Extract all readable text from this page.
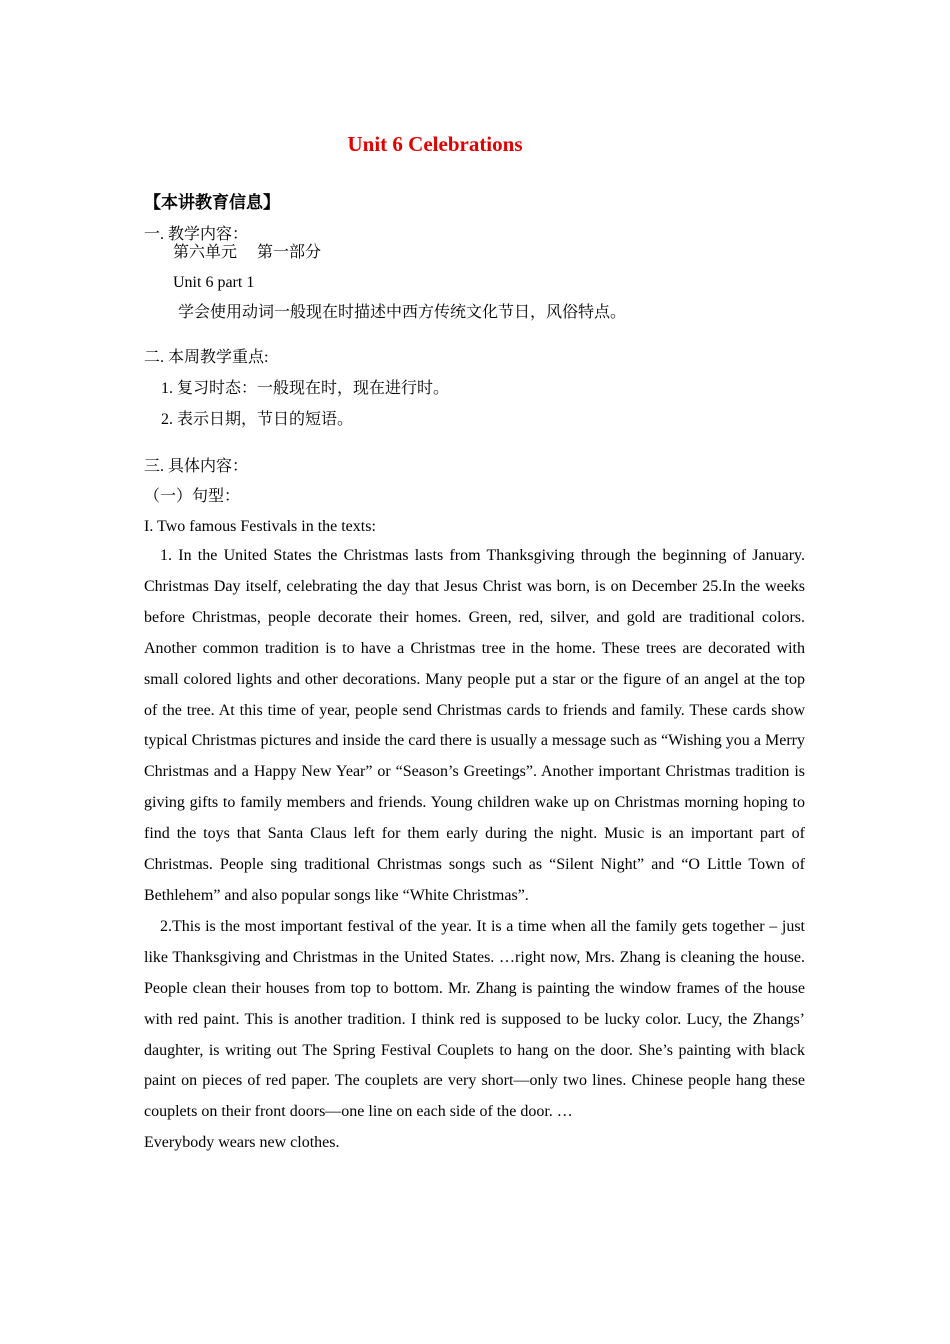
Unit 6 Celebrations
【本讲教育信息】
一. 教学内容：
第六单元　 第一部分
Unit 6 part 1
学会使用动词一般现在时描述中西方传统文化节日，风俗特点。
二. 本周教学重点:
1. 复习时态：一般现在时，现在进行时。
2. 表示日期，节日的短语。
三. 具体内容：
（一）句型：
I. Two famous Festivals in the texts:

1. In the United States the Christmas lasts from Thanksgiving through the beginning of January. Christmas Day itself, celebrating the day that Jesus Christ was born, is on December 25.In the weeks before Christmas, people decorate their homes. Green, red, silver, and gold are traditional colors. Another common tradition is to have a Christmas tree in the home. These trees are decorated with small colored lights and other decorations. Many people put a star or the figure of an angel at the top of the tree. At this time of year, people send Christmas cards to friends and family. These cards show typical Christmas pictures and inside the card there is usually a message such as “Wishing you a Merry Christmas and a Happy New Year” or “Season’s Greetings”. Another important Christmas tradition is giving gifts to family members and friends. Young children wake up on Christmas morning hoping to find the toys that Santa Claus left for them early during the night. Music is an important part of Christmas. People sing traditional Christmas songs such as “Silent Night” and “O Little Town of Bethlehem” and also popular songs like “White Christmas”.

2.This is the most important festival of the year. It is a time when all the family gets together – just like Thanksgiving and Christmas in the United States. …right now, Mrs. Zhang is cleaning the house. People clean their houses from top to bottom. Mr. Zhang is painting the window frames of the house with red paint. This is another tradition. I think red is supposed to be lucky color. Lucy, the Zhangs’ daughter, is writing out The Spring Festival Couplets to hang on the door. She’s painting with black paint on pieces of red paper. The couplets are very short—only two lines. Chinese people hang these couplets on their front doors—one line on each side of the door. …

Everybody wears new clothes.
